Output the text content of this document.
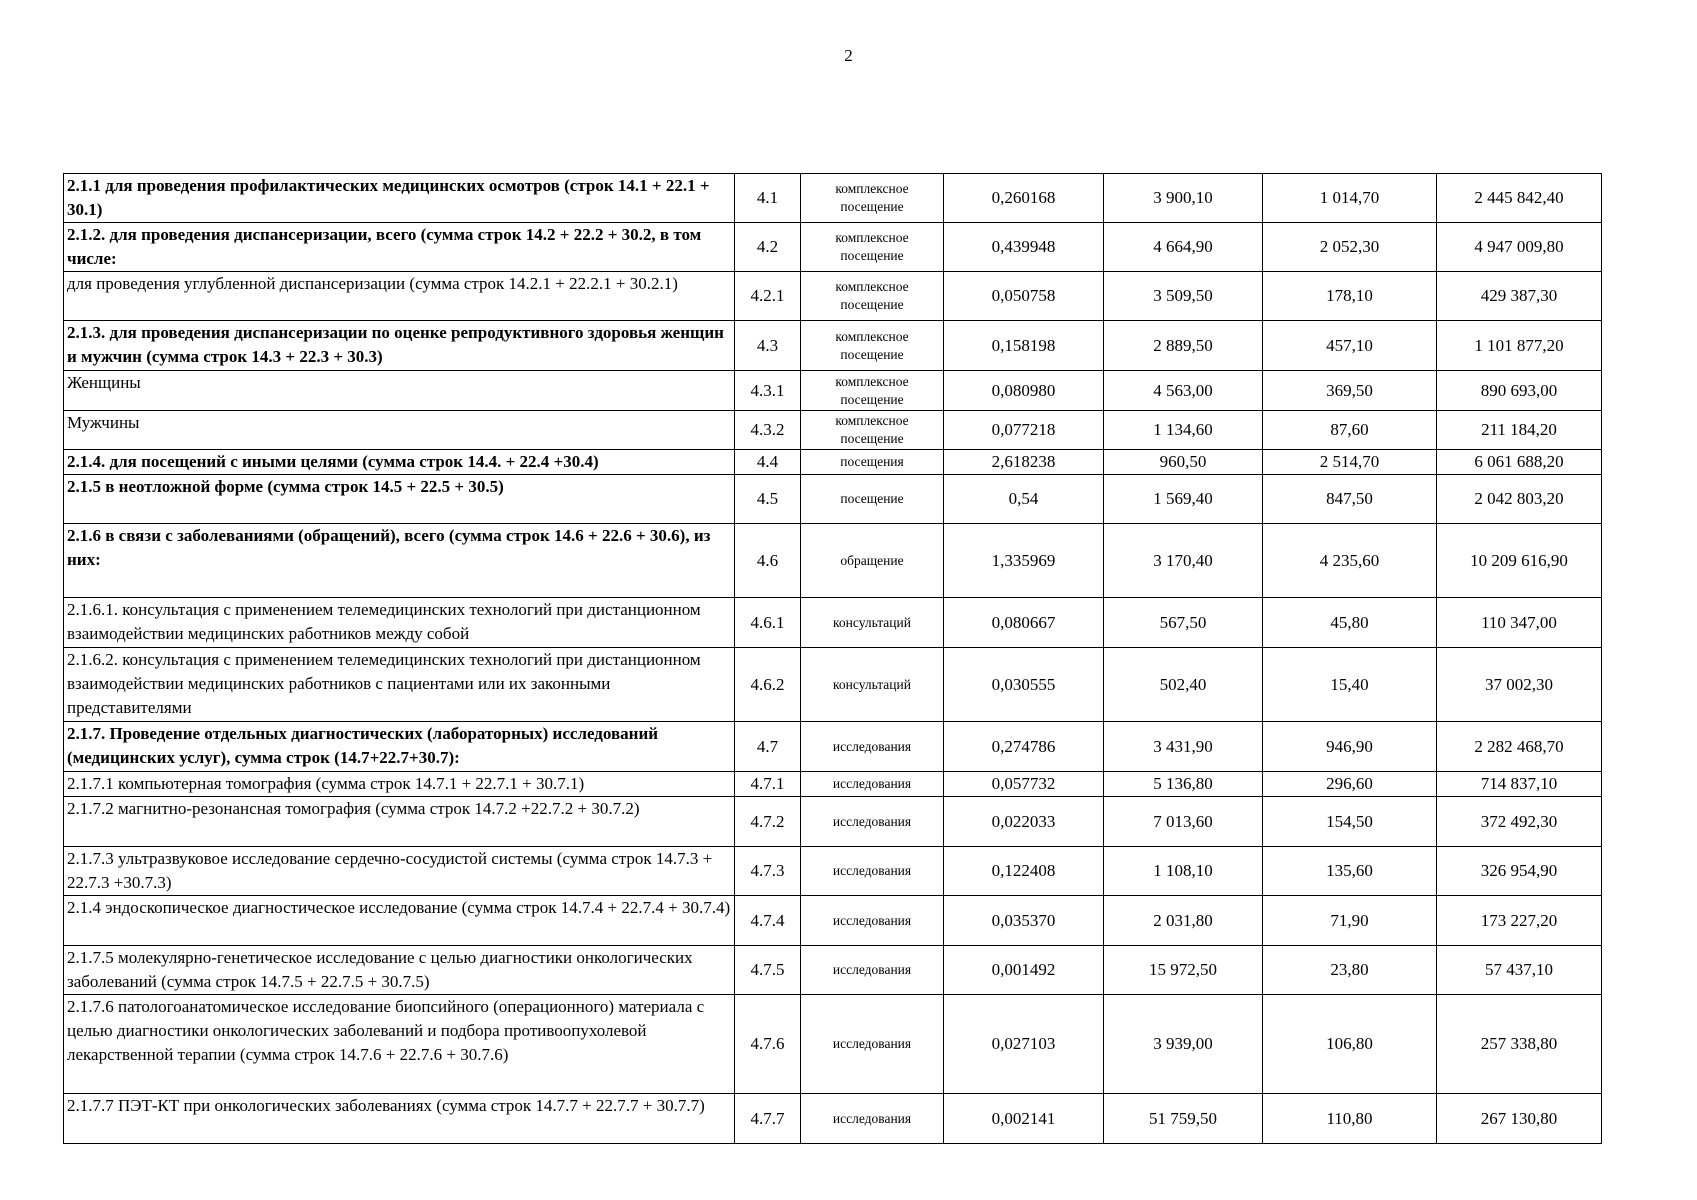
2
2.1.1 для проведения профилактических медицинских осмотров (строк 14.1 + 22.1 + 30.1)	4.1	комплексное посещение	0,260168	3 900,10	1 014,70	2 445 842,40
2.1.2. для проведения диспансеризации, всего (сумма строк 14.2 + 22.2 + 30.2, в том числе:	4.2	комплексное посещение	0,439948	4 664,90	2 052,30	4 947 009,80
для проведения углубленной диспансеризации (сумма строк 14.2.1 + 22.2.1 + 30.2.1)	4.2.1	комплексное посещение	0,050758	3 509,50	178,10	429 387,30
2.1.3. для проведения диспансеризации по оценке репродуктивного здоровья женщин и мужчин (сумма строк 14.3 + 22.3 + 30.3)	4.3	комплексное посещение	0,158198	2 889,50	457,10	1 101 877,20
Женщины	4.3.1	комплексное посещение	0,080980	4 563,00	369,50	890 693,00
Мужчины	4.3.2	комплексное посещение	0,077218	1 134,60	87,60	211 184,20
2.1.4. для посещений с иными целями (сумма строк 14.4. + 22.4 +30.4)	4.4	посещения	2,618238	960,50	2 514,70	6 061 688,20
2.1.5 в неотложной форме (сумма строк 14.5 + 22.5 + 30.5)	4.5	посещение	0,54	1 569,40	847,50	2 042 803,20
2.1.6 в связи с заболеваниями (обращений), всего (сумма строк 14.6 + 22.6 + 30.6), из них:	4.6	обращение	1,335969	3 170,40	4 235,60	10 209 616,90
2.1.6.1. консультация с применением телемедицинских технологий при дистанционном взаимодействии медицинских работников между собой	4.6.1	консультаций	0,080667	567,50	45,80	110 347,00
2.1.6.2. консультация с применением телемедицинских технологий при дистанционном взаимодействии медицинских работников с пациентами или их законными представителями	4.6.2	консультаций	0,030555	502,40	15,40	37 002,30
2.1.7. Проведение отдельных диагностических (лабораторных) исследований (медицинских услуг), сумма строк (14.7+22.7+30.7):	4.7	исследования	0,274786	3 431,90	946,90	2 282 468,70
2.1.7.1 компьютерная томография (сумма строк 14.7.1 + 22.7.1 + 30.7.1)	4.7.1	исследования	0,057732	5 136,80	296,60	714 837,10
2.1.7.2 магнитно-резонансная томография (сумма строк 14.7.2 +22.7.2 + 30.7.2)	4.7.2	исследования	0,022033	7 013,60	154,50	372 492,30
2.1.7.3 ультразвуковое исследование сердечно-сосудистой системы (сумма строк 14.7.3 + 22.7.3 +30.7.3)	4.7.3	исследования	0,122408	1 108,10	135,60	326 954,90
2.1.4 эндоскопическое диагностическое исследование (сумма строк 14.7.4 + 22.7.4 + 30.7.4)	4.7.4	исследования	0,035370	2 031,80	71,90	173 227,20
2.1.7.5 молекулярно-генетическое исследование с целью диагностики онкологических заболеваний (сумма строк 14.7.5 + 22.7.5 + 30.7.5)	4.7.5	исследования	0,001492	15 972,50	23,80	57 437,10
2.1.7.6 патологоанатомическое исследование биопсийного (операционного) материала с целью диагностики онкологических заболеваний и подбора противоопухолевой лекарственной терапии (сумма строк 14.7.6 + 22.7.6 + 30.7.6)	4.7.6	исследования	0,027103	3 939,00	106,80	257 338,80
2.1.7.7 ПЭТ-КТ при онкологических заболеваниях (сумма строк 14.7.7 + 22.7.7 + 30.7.7)	4.7.7	исследования	0,002141	51 759,50	110,80	267 130,80
